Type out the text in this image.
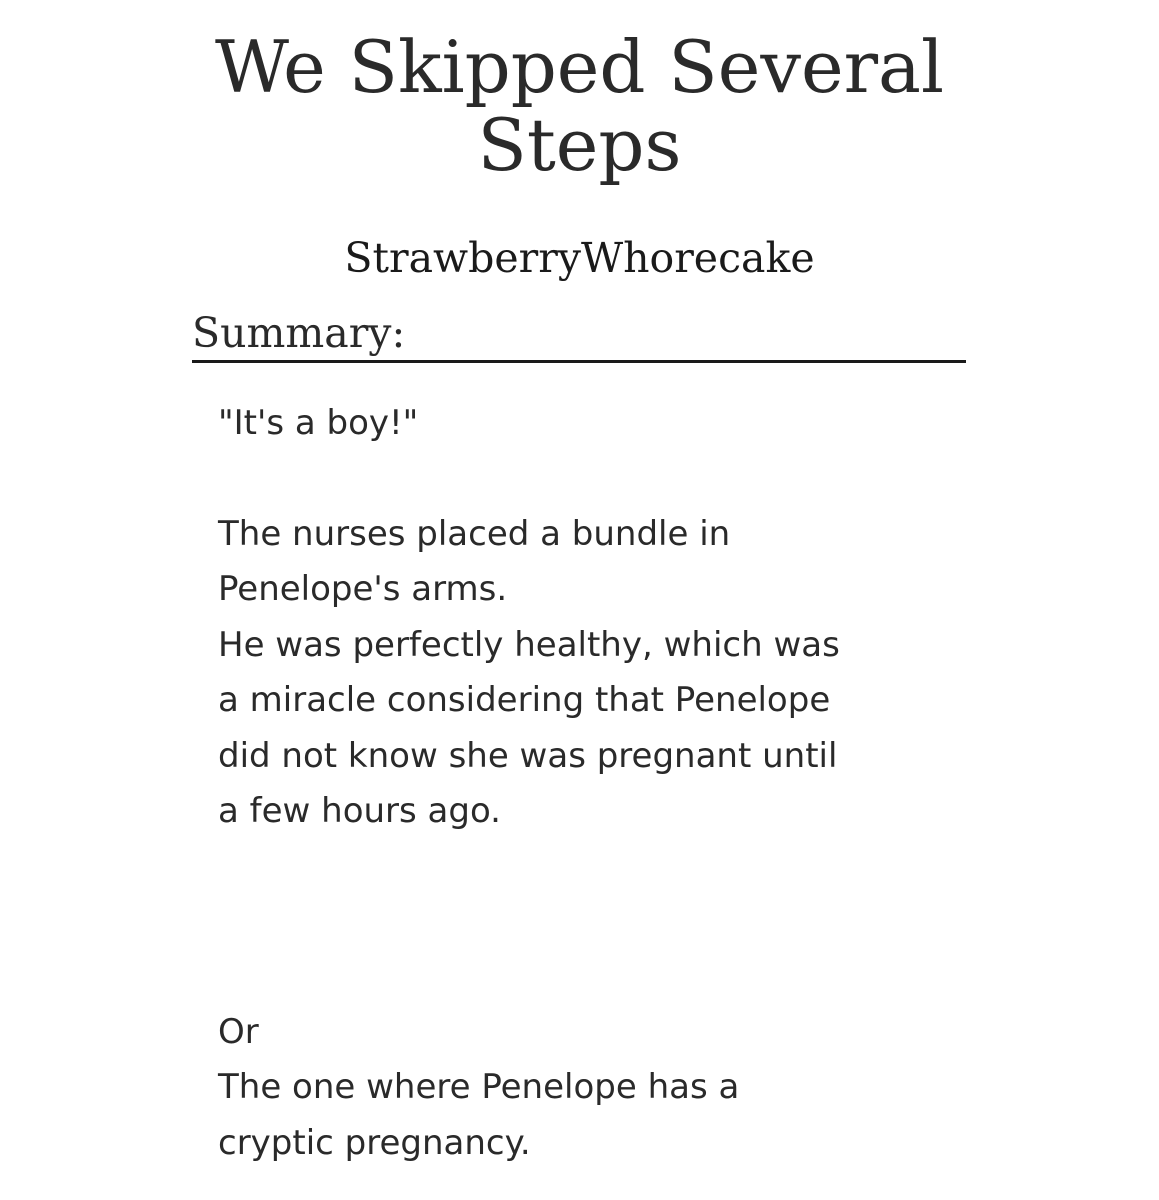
We Skipped Several
Steps
StrawberryWhorecake
Summary:

"It's a boy!"

The nurses placed a bundle in

Penelope's arms.

He was perfectly healthy, which was

a miracle considering that Penelope

did not know she was pregnant until

a few hours ago.

Or

The one where Penelope has a

cryptic pregnancy.
